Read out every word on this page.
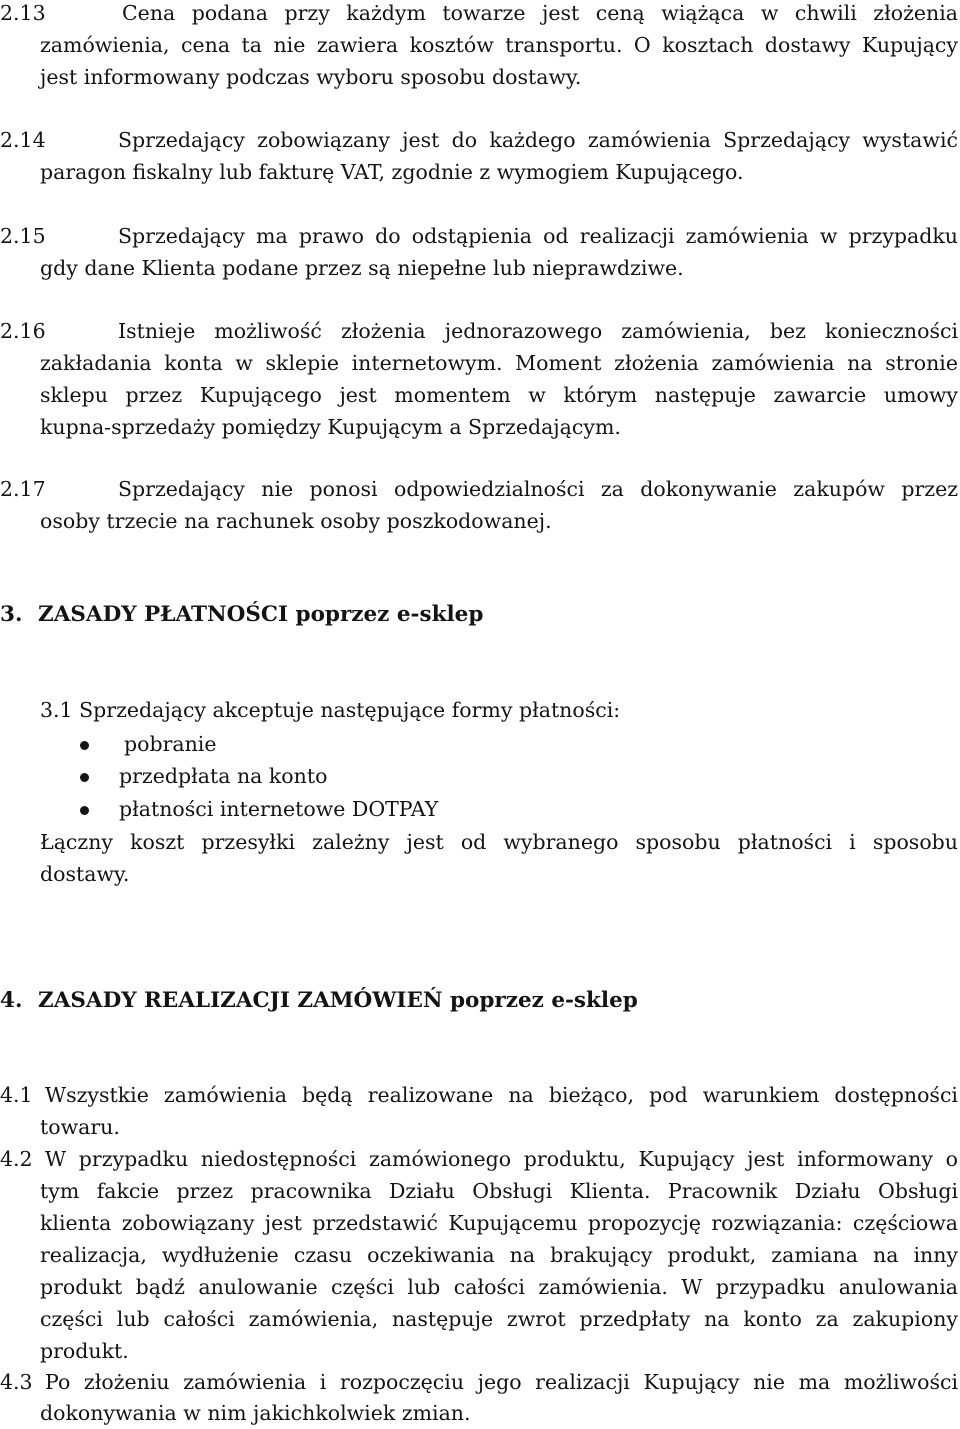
2.13	Cena podana przy każdym towarze jest ceną wiążąca w chwili złożenia
zamówienia, cena ta nie zawiera kosztów transportu. O kosztach dostawy Kupujący
jest informowany podczas wyboru sposobu dostawy.
2.14	Sprzedający zobowiązany jest do każdego zamówienia Sprzedający wystawić
paragon fiskalny lub fakturę VAT, zgodnie z wymogiem Kupującego.
2.15	Sprzedający ma prawo do odstąpienia od realizacji zamówienia w przypadku
gdy dane Klienta podane przez są niepełne lub nieprawdziwe.
2.16	Istnieje możliwość złożenia jednorazowego zamówienia, bez konieczności
zakładania konta w sklepie internetowym. Moment złożenia zamówienia na stronie
sklepu przez Kupującego jest momentem w którym następuje zawarcie umowy
kupna-sprzedaży pomiędzy Kupującym a Sprzedającym.
2.17	Sprzedający nie ponosi odpowiedzialności za dokonywanie zakupów przez
osoby trzecie na rachunek osoby poszkodowanej.
3. ZASADY PŁATNOŚCI poprzez e-sklep
3.1 Sprzedający akceptuje następujące formy płatności:
pobranie
przedpłata na konto
płatności internetowe DOTPAY
Łączny koszt przesyłki zależny jest od wybranego sposobu płatności i sposobu
dostawy.
4. ZASADY REALIZACJI ZAMÓWIEŃ poprzez e-sklep
4.1 Wszystkie zamówienia będą realizowane na bieżąco, pod warunkiem dostępności
towaru.
4.2 W przypadku niedostępności zamówionego produktu, Kupujący jest informowany o
tym fakcie przez pracownika Działu Obsługi Klienta. Pracownik Działu Obsługi
klienta zobowiązany jest przedstawić Kupującemu propozycję rozwiązania: częściowa
realizacja, wydłużenie czasu oczekiwania na brakujący produkt, zamiana na inny
produkt bądź anulowanie części lub całości zamówienia. W przypadku anulowania
części lub całości zamówienia, następuje zwrot przedpłaty na konto za zakupiony
produkt.
4.3 Po złożeniu zamówienia i rozpoczęciu jego realizacji Kupujący nie ma możliwości
dokonywania w nim jakichkolwiek zmian.
